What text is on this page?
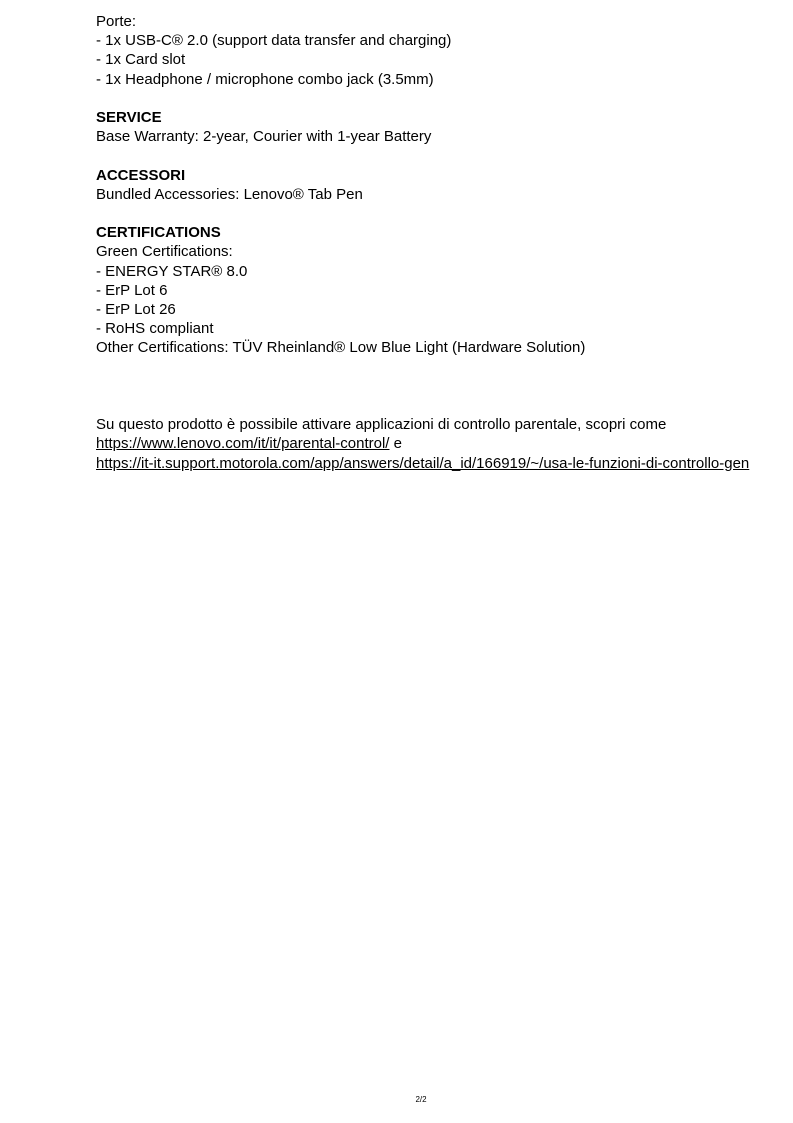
Porte:
- 1x USB-C® 2.0 (support data transfer and charging)
- 1x Card slot
- 1x Headphone / microphone combo jack (3.5mm)
SERVICE
Base Warranty: 2-year, Courier with 1-year Battery
ACCESSORI
Bundled Accessories: Lenovo® Tab Pen
CERTIFICATIONS
Green Certifications:
- ENERGY STAR® 8.0
- ErP Lot 6
- ErP Lot 26
- RoHS compliant
Other Certifications: TÜV Rheinland® Low Blue Light (Hardware Solution)
Su questo prodotto è possibile attivare applicazioni di controllo parentale, scopri come
https://www.lenovo.com/it/it/parental-control/ e
https://it-it.support.motorola.com/app/answers/detail/a_id/166919/~/usa-le-funzioni-di-controllo-gen
2/2
